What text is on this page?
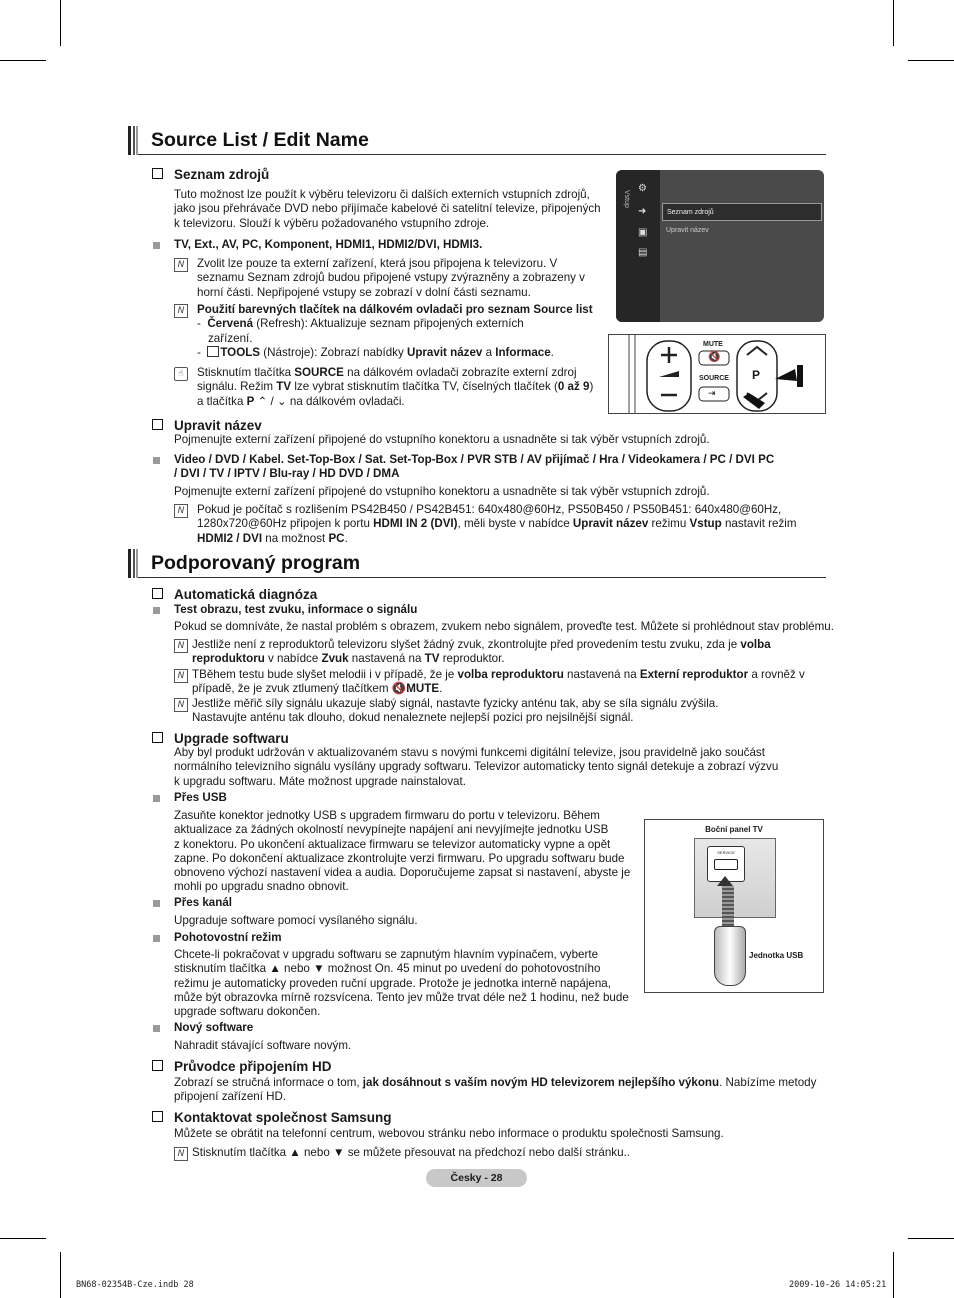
Source List / Edit Name
Seznam zdrojů
Tuto možnost lze použít k výběru televizoru či dalších externích vstupních zdrojů,
jako jsou přehrávače DVD nebo přijímače kabelové či satelitní televize, připojených
k televizoru. Slouží k výběru požadovaného vstupního zdroje.
TV, Ext., AV, PC, Komponent, HDMI1, HDMI2/DVI, HDMI3.
N	Zvolit lze pouze ta externí zařízení, která jsou připojena k televizoru. V
seznamu Seznam zdrojů budou připojené vstupy zvýrazněny a zobrazeny v
horní části. Nepřipojené vstupy se zobrazí v dolní části seznamu.
N	Použití barevných tlačítek na dálkovém ovladači pro seznam Source list
-  Červená (Refresh): Aktualizuje seznam připojených externích
zařízení.
-  TOOLS (Nástroje): Zobrazí nabídky Upravit název a Informace.
☝	Stisknutím tlačítka SOURCE na dálkovém ovladači zobrazíte externí zdroj
signálu. Režim TV lze vybrat stisknutím tlačítka TV, číselných tlačítek (0 až 9)
a tlačítka P ⌃ / ⌄ na dálkovém ovladači.
Vstup
⚙
➜
▣
▤
Seznam zdrojů
Upravit název
MUTE
🔇
SOURCE
⇥
P
Upravit název
Pojmenujte externí zařízení připojené do vstupního konektoru a usnadněte si tak výběr vstupních zdrojů.
Video / DVD / Kabel. Set-Top-Box / Sat. Set-Top-Box / PVR STB / AV přijímač / Hra / Videokamera / PC / DVI PC
/ DVI / TV / IPTV / Blu-ray / HD DVD / DMA
Pojmenujte externí zařízení připojené do vstupního konektoru a usnadněte si tak výběr vstupních zdrojů.
N	Pokud je počítač s rozlišením PS42B450 / PS42B451: 640x480@60Hz, PS50B450 / PS50B451: 640x480@60Hz,
1280x720@60Hz připojen k portu HDMI IN 2 (DVI), měli byste v nabídce Upravit název režimu Vstup nastavit režim
HDMI2 / DVI na možnost PC.
Podporovaný program
Automatická diagnóza
Test obrazu, test zvuku, informace o signálu
Pokud se domníváte, že nastal problém s obrazem, zvukem nebo signálem, proveďte test. Můžete si prohlédnout stav problému.
N Jestliže není z reproduktorů televizoru slyšet žádný zvuk, zkontrolujte před provedením testu zvuku, zda je volba
reproduktoru v nabídce Zvuk nastavená na TV reproduktor.
N TBěhem testu bude slyšet melodii i v případě, že je volba reproduktoru nastavená na Externí reproduktor a rovněž v
případě, že je zvuk ztlumený tlačítkem 🔇MUTE.
N Jestliže měřič síly signálu ukazuje slabý signál, nastavte fyzicky anténu tak, aby se síla signálu zvýšila.
Nastavujte anténu tak dlouho, dokud nenaleznete nejlepší pozici pro nejsilnější signál.
Upgrade softwaru
Aby byl produkt udržován v aktualizovaném stavu s novými funkcemi digitální televize, jsou pravidelně jako součást
normálního televizního signálu vysílány upgrady softwaru. Televizor automaticky tento signál detekuje a zobrazí výzvu
k upgradu softwaru. Máte možnost upgrade nainstalovat.
Přes USB
Zasuňte konektor jednotky USB s upgradem firmwaru do portu v televizoru. Během
aktualizace za žádných okolností nevypínejte napájení ani nevyjímejte jednotku USB
z konektoru. Po ukončení aktualizace firmwaru se televizor automaticky vypne a opět
zapne. Po dokončení aktualizace zkontrolujte verzi firmwaru. Po upgradu softwaru bude
obnoveno výchozí nastavení videa a audia. Doporučujeme zapsat si nastavení, abyste je
mohli po upgradu snadno obnovit.
Přes kanál
Upgraduje software pomocí vysílaného signálu.
Pohotovostní režim
Chcete-li pokračovat v upgradu softwaru se zapnutým hlavním vypínačem, vyberte
stisknutím tlačítka ▲ nebo ▼ možnost On. 45 minut po uvedení do pohotovostního
režimu je automaticky proveden ruční upgrade. Protože je jednotka interně napájena,
může být obrazovka mírně rozsvícena. Tento jev může trvat déle než 1 hodinu, než bude
upgrade softwaru dokončen.
Nový software
Nahradit stávající software novým.
Boční panel TV
SERVICE
Jednotka USB
Průvodce připojením HD
Zobrazí se stručná informace o tom, jak dosáhnout s vaším novým HD televizorem nejlepšího výkonu. Nabízíme metody
připojení zařízení HD.
Kontaktovat společnost Samsung
Můžete se obrátit na telefonní centrum, webovou stránku nebo informace o produktu společnosti Samsung.
N Stisknutím tlačítka ▲ nebo ▼ se můžete přesouvat na předchozí nebo další stránku..
Česky - 28
BN68-02354B-Cze.indb 28	2009-10-26 14:05:21
